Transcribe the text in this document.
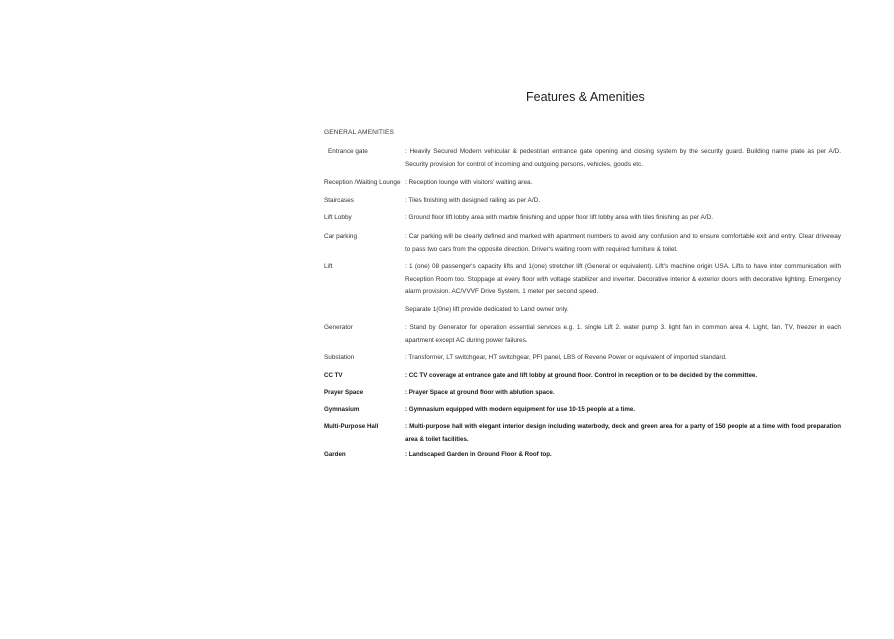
Features & Amenities
GENERAL AMENITIES
Entrance gate	: Heavily Secured Modern vehicular & pedestrian entrance gate opening and closing system by the security guard. Building name plate as per A/D. Security provision for control of incoming and outgoing persons, vehicles, goods etc.
Reception /Waiting Lounge : Reception lounge with visitors' waiting area.
Staircases	: Tiles finishing with designed railing as per A/D.
Lift Lobby	: Ground floor lift lobby area with marble finishing and upper floor lift lobby area with tiles finishing as per A/D.
Car parking	: Car parking will be clearly defined and marked with apartment numbers to avoid any confusion and to ensure comfortable exit and entry. Clear driveway to pass two cars from the opposite direction. Driver's waiting room with required furniture & toilet.
Lift	: 1 (one) 08 passenger's capacity lifts and 1(one) stretcher lift (General or equivalent). Lift's machine origin USA. Lifts to have inter communication with Reception Room too. Stoppage at every floor with voltage stabilizer and inverter. Decorative interior & exterior doors with decorative lighting. Emergency alarm provision. AC/VVVF Drive System. 1 meter per second speed.
Separate 1(0ne) lift provide dedicated to Land owner only.
Generator	: Stand by Generator for operation essential services e.g. 1. single Lift 2. water pump 3. light fan in common area 4. Light, fan, TV, freezer in each apartment except AC during power failures.
Substation	: Transformer, LT switchgear, HT switchgear, PFI panel, LBS of Revene Power or equivalent of imported standard.
CC TV	: CC TV coverage at entrance gate and lift lobby at ground floor. Control in reception or to be decided by the committee.
Prayer Space	: Prayer Space at ground floor with ablution space.
Gymnasium	: Gymnasium equipped with modern equipment for use 10-15 people at a time.
Multi-Purpose Hall	: Multi-purpose hall with elegant interior design including waterbody, deck and green area for a party of 150 people at a time with food preparation area & toilet facilities.
Garden	: Landscaped Garden in Ground Floor & Roof top.
